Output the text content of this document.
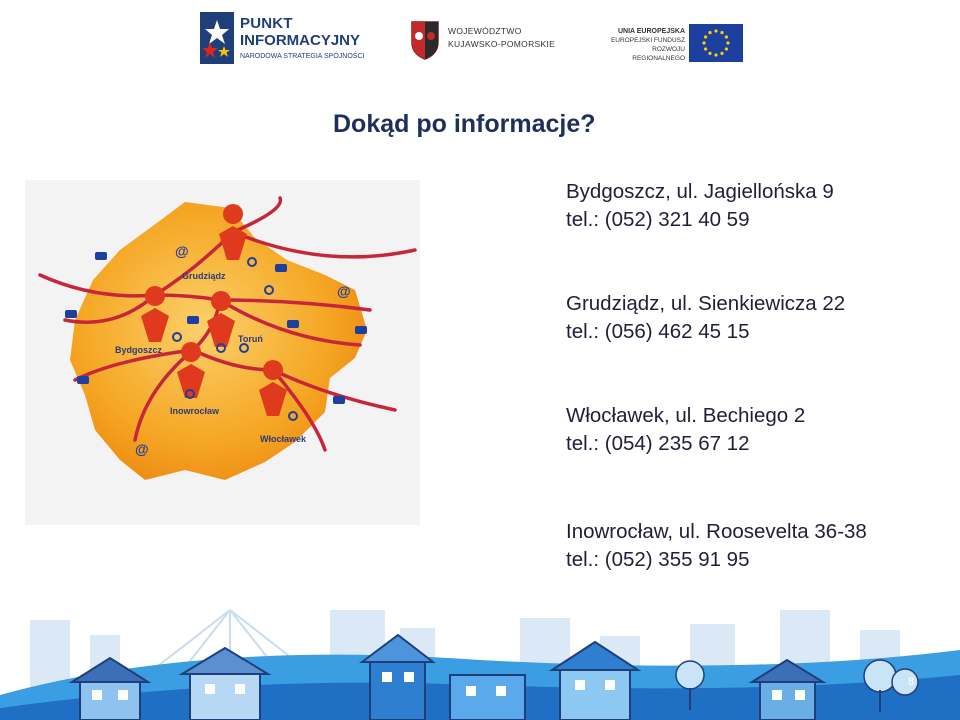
PUNKT
INFORMACYJNY
NARODOWA STRATEGIA SPÓJNOŚCI
WOJEWÓDZTWO
KUJAWSKO-POMORSKIE
UNIA EUROPEJSKA
EUROPEJSKI FUNDUSZ
ROZWOJU REGIONALNEGO
Dokąd po informacje?
@
@
@
Grudziądz
Bydgoszcz
Toruń
Inowrocław
Włocławek
Bydgoszcz, ul. Jagiellońska 9
tel.: (052) 321 40 59
Grudziądz, ul. Sienkiewicza 22
tel.: (056) 462 45 15
Włocławek, ul. Bechiego 2
tel.: (054) 235 67 12
Inowrocław, ul. Roosevelta 36-38
tel.: (052) 355 91 95
8
